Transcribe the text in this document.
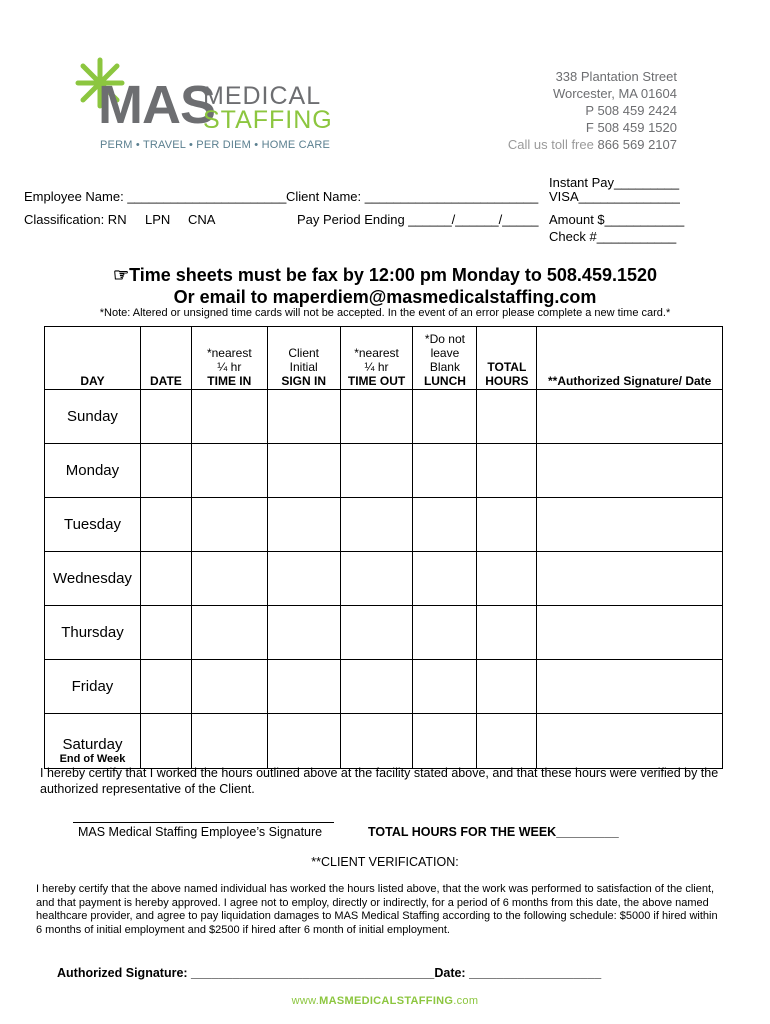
MAS
MEDICAL
STAFFING
PERM • TRAVEL • PER DIEM • HOME CARE
338 Plantation Street
Worcester, MA 01604
P 508 459 2424
F 508 459 1520
Call us toll free 866 569 2107
Employee Name: ______________________ Client Name: ________________________
Classification: RN LPN CNA	Pay Period Ending ______/______/_____
Instant Pay_________
VISA______________
Amount $___________
Check #___________
☞Time sheets must be fax by 12:00 pm Monday to 508.459.1520
Or email to maperdiem@masmedicalstaffing.com
*Note: Altered or unsigned time cards will not be accepted. In the event of an error please complete a new time card.*
DAY	DATE	*nearest
¼ hr
TIME IN	Client
Initial
SIGN IN	*nearest
¼ hr
TIME OUT	*Do not
leave
Blank
LUNCH	TOTAL
HOURS	**Authorized Signature/ Date
Sunday							
Monday							
Tuesday							
Wednesday							
Thursday							
Friday							
Saturday
End of Week							

I hereby certify that I worked the hours outlined above at the facility stated above, and that these hours were verified by the authorized representative of the Client.
MAS Medical Staffing Employee’s Signature	TOTAL HOURS FOR THE WEEK_________
**CLIENT VERIFICATION:
I hereby certify that the above named individual has worked the hours listed above, that the work was performed to satisfaction of the client, and that payment is hereby approved. I agree not to employ, directly or indirectly, for a period of 6 months from this date, the above named healthcare provider, and agree to pay liquidation damages to MAS Medical Staffing according to the following schedule: $5000 if hired within 6 months of initial employment and $2500 if hired after 6 month of initial employment.
Authorized Signature: ___________________________________Date: ___________________
www.MASMEDICALSTAFFING.com
